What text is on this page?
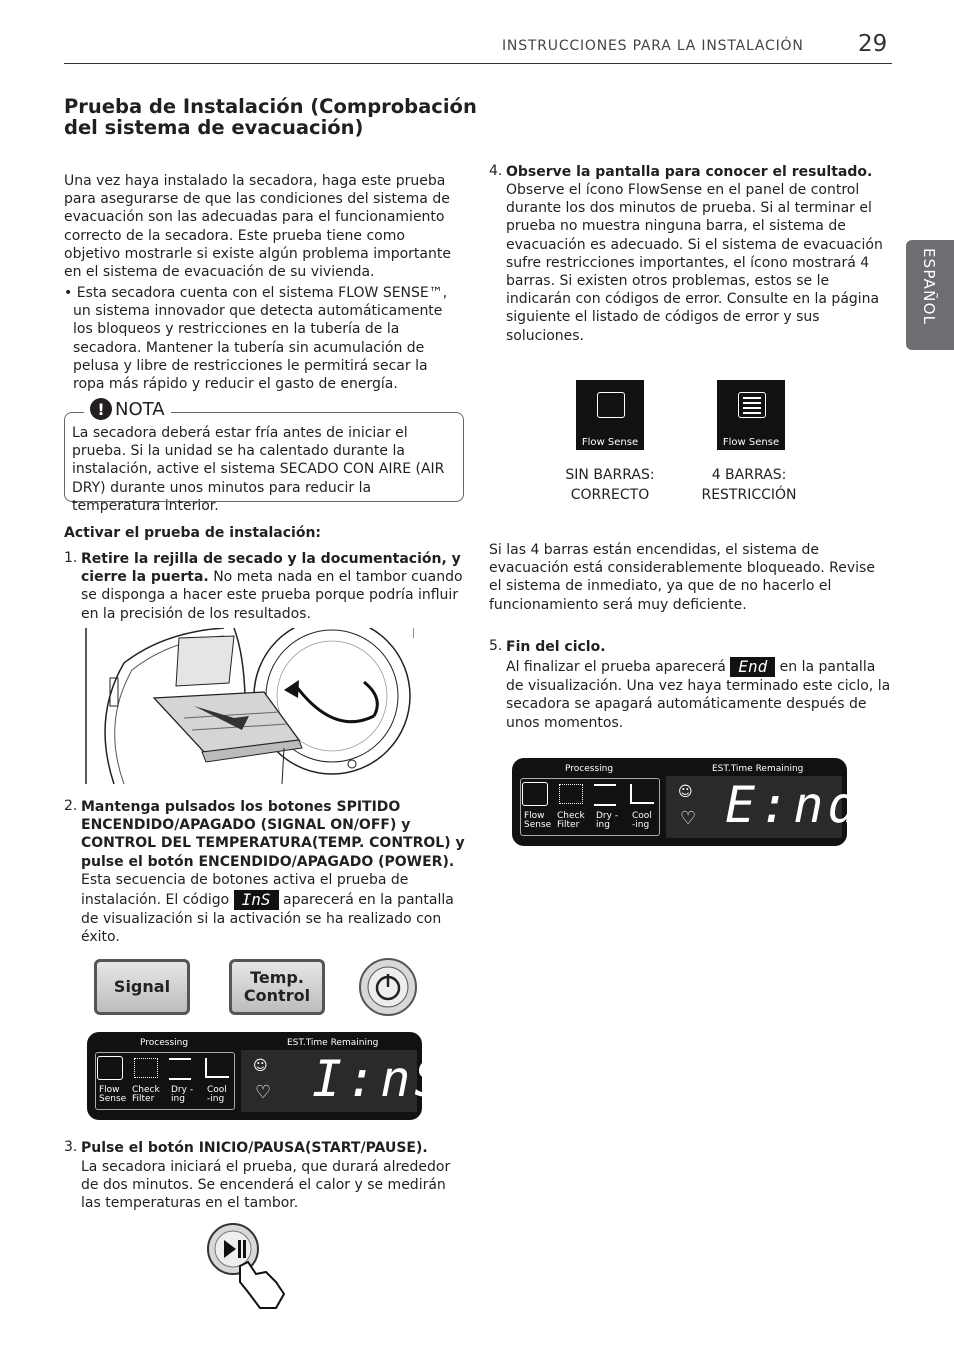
INSTRUCCIONES PARA LA INSTALACIÓN 29
ESPAÑOL
Prueba de Instalación (Comprobación del sistema de evacuación)

Una vez haya instalado la secadora, haga este prueba para asegurarse de que las condiciones del sistema de evacuación son las adecuadas para el funcionamiento correcto de la secadora. Este prueba tiene como objetivo mostrarle si existe algún problema importante en el sistema de evacuación de su vivienda.

• Esta secadora cuenta con el sistema FLOW SENSE™, un sistema innovador que detecta automáticamente los bloqueos y restricciones en la tubería de la secadora. Mantener la tubería sin acumulación de pelusa y libre de restricciones le permitirá secar la ropa más rápido y reducir el gasto de energía.

! NOTA

La secadora deberá estar fría antes de iniciar el prueba. Si la unidad se ha calentado durante la instalación, active el sistema SECADO CON AIRE (AIR DRY) durante unos minutos para reducir la temperatura interior.

Activar el prueba de instalación:

1. Retire la rejilla de secado y la documentación, y cierre la puerta. No meta nada en el tambor cuando se disponga a hacer este prueba porque podría influir en la precisión de los resultados.

2. Mantenga pulsados los botones SPITIDO ENCENDIDO/APAGADO (SIGNAL ON/OFF) y CONTROL DEL TEMPERATURA(TEMP. CONTROL) y pulse el botón ENCENDIDO/APAGADO (POWER).

Esta secuencia de botones activa el prueba de instalación. El código InS aparecerá en la pantalla de visualización si la activación se ha realizado con éxito.

Signal	Temp. Control
Processing	EST.Time Remaining
Flow Sense
Check Filter
Dry -ing
Cool -ing
☺
♡ I:nS
3. Pulse el botón INICIO/PAUSA(START/PAUSE).

La secadora iniciará el prueba, que durará alrededor de dos minutos. Se encenderá el calor y se medirán las temperaturas en el tambor.

4. Observe la pantalla para conocer el resultado.

Observe el ícono FlowSense en el panel de control durante los dos minutos de prueba. Si al terminar el prueba no muestra ninguna barra, el sistema de evacuación es adecuado. Si el sistema de evacuación sufre restricciones importantes, el ícono mostrará 4 barras. Si existen otros problemas, estos se le indicarán con códigos de error. Consulte en la página siguiente el listado de códigos de error y sus soluciones.

Flow Sense	Flow Sense
SIN BARRAS:
CORRECTO
4 BARRAS:
RESTRICCIÓN

Si las 4 barras están encendidas, el sistema de evacuación está considerablemente bloqueado. Revise el sistema de inmediato, ya que de no hacerlo el funcionamiento será muy deficiente.

5. Fin del ciclo.

Al finalizar el prueba aparecerá End en la pantalla de visualización. Una vez haya terminado este ciclo, la secadora se apagará automáticamente después de unos momentos.

Processing	EST.Time Remaining
Flow Sense
Check Filter
Dry -ing
Cool -ing
☺
♡ E:nd
